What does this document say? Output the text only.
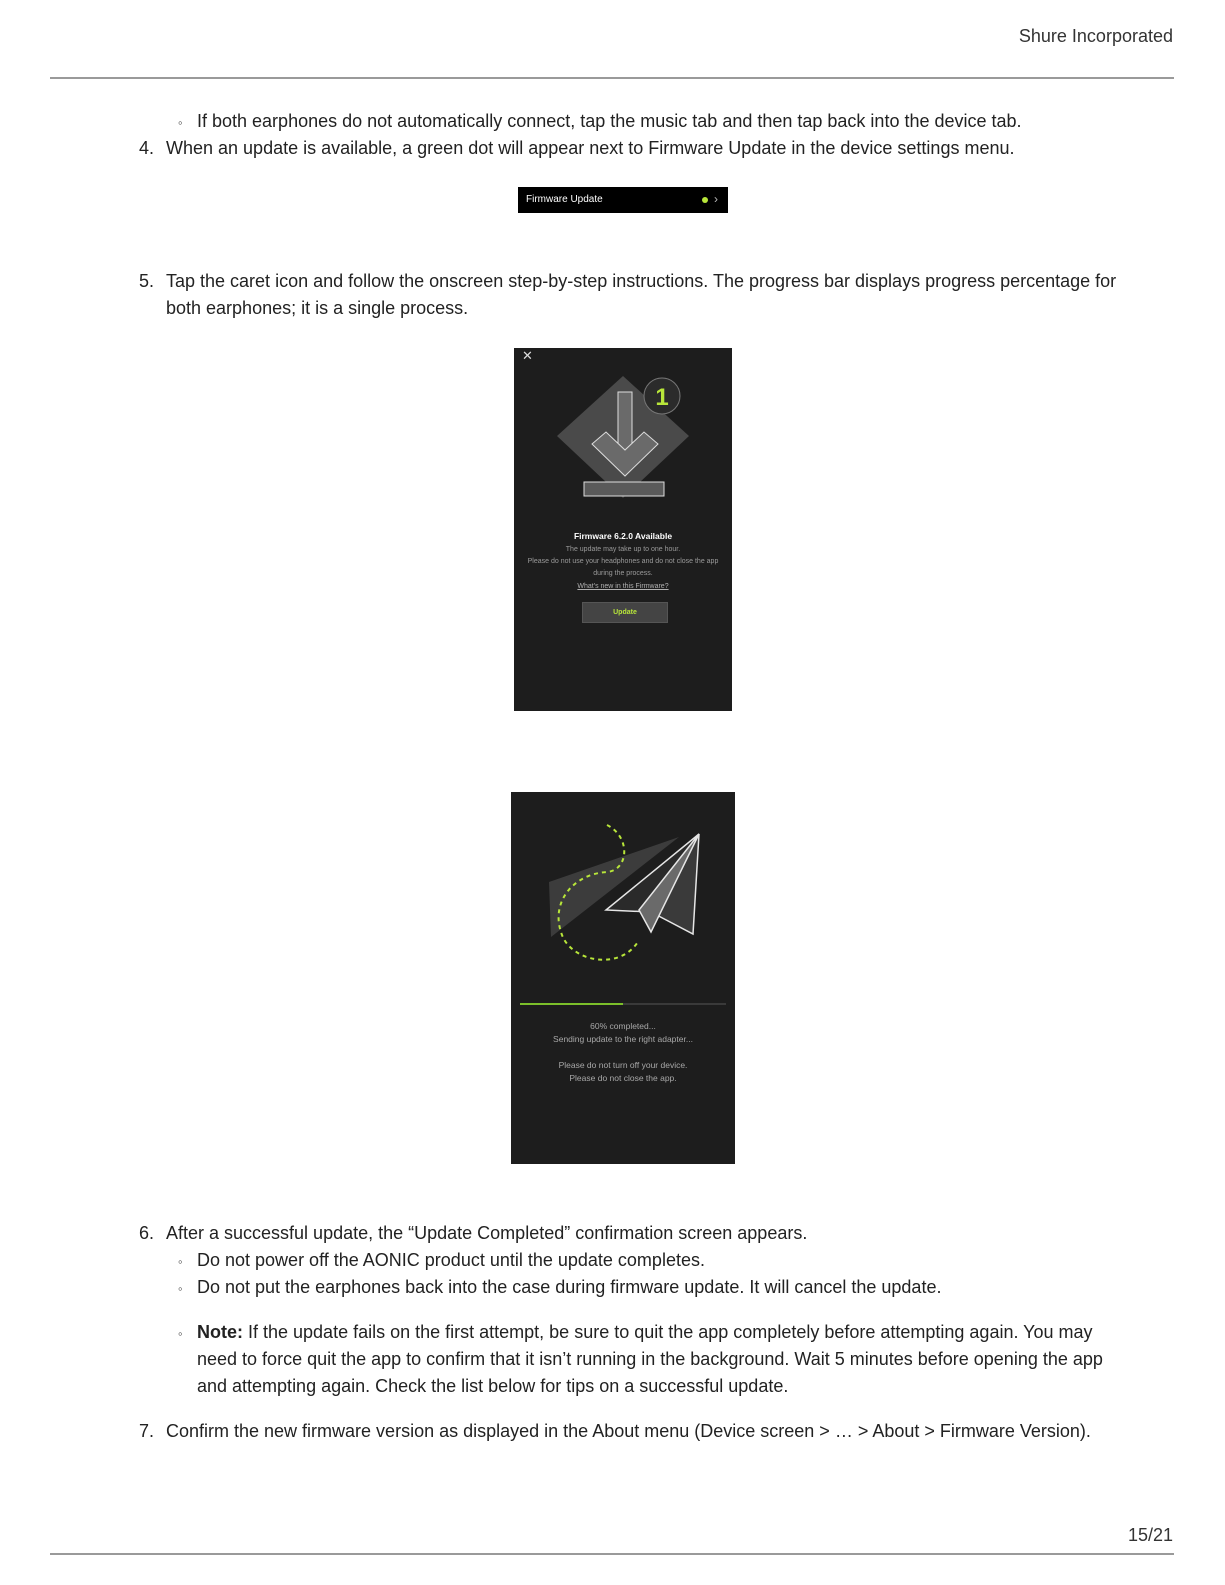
Shure Incorporated
◦ If both earphones do not automatically connect, tap the music tab and then tap back into the device tab.
4. When an update is available, a green dot will appear next to Firmware Update in the device settings menu.
Firmware Update	›
5. Tap the caret icon and follow the onscreen step-by-step instructions. The progress bar displays progress percentage for
both earphones; it is a single process.
✕
1
Firmware 6.2.0 Available
The update may take up to one hour.
Please do not use your headphones and do not close the app
during the process.
What's new in this Firmware?
Update
60% completed...
Sending update to the right adapter...
Please do not turn off your device.
Please do not close the app.
6. After a successful update, the “Update Completed” confirmation screen appears.
◦ Do not power off the AONIC product until the update completes.
◦ Do not put the earphones back into the case during firmware update. It will cancel the update.
◦ Note: If the update fails on the first attempt, be sure to quit the app completely before attempting again. You may
need to force quit the app to confirm that it isn’t running in the background. Wait 5 minutes before opening the app
and attempting again. Check the list below for tips on a successful update.
7. Confirm the new firmware version as displayed in the About menu (Device screen > … > About > Firmware Version).
15/21
